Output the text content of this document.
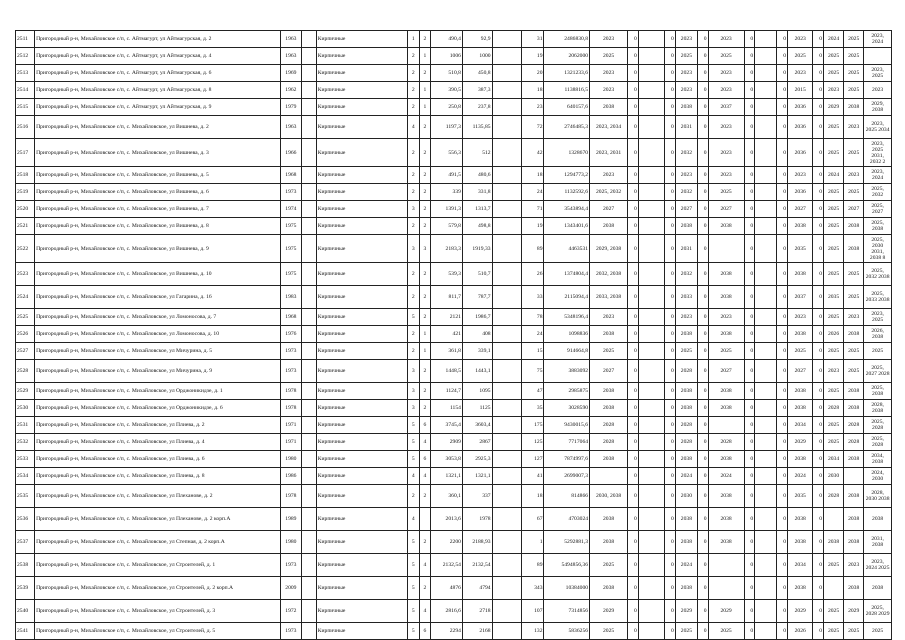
2511	Пригородный р-н, Михайловское с/п, с. Айтмагурт, ул Айтмагурская, д. 2	1963		Кирпичные	1	2	490,4	92,9		31	2486830,8	2023	0		0	2023	0	2023	0		0	2023	0	2024	2025	2023, 2024
2512	Пригородный р-н, Михайловское с/п, с. Айтмагурт, ул Айтмагурская, д. 4	1963		Кирпичные	2	1	1006	1000		19	2062000	2025	0		0	2025	0	2025	0		0	2025	0	2025	2025	
2513	Пригородный р-н, Михайловское с/п, с. Айтмагурт, ул Айтмагурская, д. 6	1969		Кирпичные	2	2	510,8	450,8		20	1321233,6	2023	0		0	2023	0	2023	0		0	2023	0	2025	2025	2023, 2025
2514	Пригородный р-н, Михайловское с/п, с. Айтмагурт, ул Айтмагурская, д. 8	1962		Кирпичные	2	1	390,5	387,3		18	1138816,5	2023	0		0	2023	0	2023	0		0	2015	0	2023	2025	2023
2515	Пригородный р-н, Михайловское с/п, с. Айтмагурт, ул Айтмагурская, д. 9	1979		Кирпичные	2	1	250,8	237,8		23	640157,6	2038	0		0	2038	0	2037	0		0	2036	0	2029	2038	2029, 2038
2516	Пригородный р-н, Михайловское с/п, с. Михайловское, ул Вишнева, д. 2	1963		Кирпичные	4	2	1197,3	1135,85		72	2746485,3	2023, 2034	0		0	2031	0	2023	0		0	2036	0	2025	2023	2023, 2025 2034
2517	Пригородный р-н, Михайловское с/п, с. Михайловское, ул Вишнева, д. 3	1966		Кирпичные	2	2	556,3	512		42	1328670	2023, 2031	0		0	2032	0	2023	0		0	2036	0	2025	2025	2023, 2025 2031, 2032 2
2518	Пригородный р-н, Михайловское с/п, с. Михайловское, ул Вишнева, д. 5	1968		Кирпичные	2	2	491,5	480,6		18	1294773,2	2023	0		0	2023	0	2023	0		0	2023	0	2024	2023	2023, 2024
2519	Пригородный р-н, Михайловское с/п, с. Михайловское, ул Вишнева, д. 6	1973		Кирпичные	2	2	339	331,8		24	1132592,6	2025, 2032	0		0	2032	0	2025	0		0	2036	0	2025	2025	2025, 2032
2520	Пригородный р-н, Михайловское с/п, с. Михайловское, ул Вишнева, д. 7	1974		Кирпичные	3	2	1391,3	1313,7		71	3543894,4	2027	0		0	2027	0	2027	0		0	2027	0	2025	2027	2025, 2027
2521	Пригородный р-н, Михайловское с/п, с. Михайловское, ул Вишнева, д. 8	1975		Кирпичные	2	2	579,8	498,8		19	1343401,6	2038	0		0	2038	0	2038	0		0	2038	0	2025	2038	2025, 2038
2522	Пригородный р-н, Михайловское с/п, с. Михайловское, ул Вишнева, д. 9	1975		Кирпичные	3	3	2183,3	1919,33		89	4463531	2029, 2038	0		0	2031	0		0		0	2035	0	2025	2038	2025, 2030 2031, 2038 8
2523	Пригородный р-н, Михайловское с/п, с. Михайловское, ул Вишнева, д. 10	1975		Кирпичные	2	2	539,3	510,7		26	1374804,4	2032, 2038	0		0	2032	0	2038	0		0	2038	0	2025	2025	2025, 2032 2038
2524	Пригородный р-н, Михайловское с/п, с. Михайловское, ул Гагарина, д. 16	1983		Кирпичные	2	2	811,7	787,7		33	2115094,4	2033, 2038	0		0	2033	0	2038	0		0	2037	0	2035	2025	2025, 2033 2038
2525	Пригородный р-н, Михайловское с/п, с. Михайловское, ул Ломоносова, д. 7	1968		Кирпичные	5	2	2121	1986,7		78	5348196,4	2023	0		0	2023	0	2023	0		0	2023	0	2025	2023	2023, 2025
2526	Пригородный р-н, Михайловское с/п, с. Михайловское, ул Ломоносова, д. 10	1976		Кирпичные	2	1	421	408		24	1098836	2038	0		0	2038	0	2038	0		0	2038	0	2026	2038	2026, 2038
2527	Пригородный р-н, Михайловское с/п, с. Михайловское, ул Мичурина, д. 5	1973		Кирпичные	2	1	361,8	339,1		15	914664,8	2025	0		0	2025	0	2025	0		0	2025	0	2025	2025	2025
2528	Пригородный р-н, Михайловское с/п, с. Михайловское, ул Мичурина, д. 9	1973		Кирпичные	3	2	1448,5	1443,1		75	3883092	2027	0		0	2028	0	2027	0		0	2027	0	2023	2025	2025, 2027 2028
2529	Пригородный р-н, Михайловское с/п, с. Михайловское, ул Орджоникидзе, д. 1	1978		Кирпичные	3	2	1124,7	1095		47	2985875	2038	0		0	2038	0	2038	0		0	2038	0	2025	2038	2025, 2038
2530	Пригородный р-н, Михайловское с/п, с. Михайловское, ул Орджоникидзе, д. 6	1978		Кирпичные	3	2	1154	1125		35	3028590	2038	0		0	2038	0	2038	0		0	2038	0	2028	2038	2028, 2038
2531	Пригородный р-н, Михайловское с/п, с. Михайловское, ул Плиева, д. 2	1971		Кирпичные	5	6	3745,4	3603,4		175	9430015,6	2028	0		0	2028	0		0		0	2034	0	2025	2028	2025, 2028
2532	Пригородный р-н, Михайловское с/п, с. Михайловское, ул Плиева, д. 4	1971		Кирпичные	5	4	2909	2867		125	7717064	2028	0		0	2028	0	2028	0		0	2029	0	2025	2028	2025, 2028
2533	Пригородный р-н, Михайловское с/п, с. Михайловское, ул Плиева, д. 6	1980		Кирпичные	5	6	3053,8	2925,3		127	7874997,6	2038	0		0	2038	0	2038	0		0	2038	0	2034	2038	2034, 2038
2534	Пригородный р-н, Михайловское с/п, с. Михайловское, ул Плиева, д. 8	1986		Кирпичные	4	4	1321,1	1321,1		41	2699007,3		0		0	2024	0	2024	0		0	2024	0	2030		2024, 2030
2535	Пригородный р-н, Михайловское с/п, с. Михайловское, ул Плеханове, д. 2	1978		Кирпичные	2	2	360,1	337		18	814866	2030, 2038	0		0	2030	0	2038	0		0	2035	0	2028	2038	2028, 2030 2038
2536	Пригородный р-н, Михайловское с/п, с. Михайловское, ул Плеханове, д. 2 корп.А	1989		Кирпичные	4		2013,6	1978		67	4703024	2038	0		0	2038	0	2038	0		0	2038	0		2038	2038
2537	Пригородный р-н, Михайловское с/п, с. Михайловское, ул Степная, д. 2 корп.А	1980		Кирпичные	5	2	2200	2188,93		1	5292881,3	2038	0		0	2038	0	2038	0		0	2038	0	2038	2038	2031, 2038
2538	Пригородный р-н, Михайловское с/п, с. Михайловское, ул Строителей, д. 1	1973		Кирпичные	5	4	2132,54	2132,54		89	5494856,36	2025	0		0	2024	0		0		0	2034	0	2025	2023	2023, 2024 2025
2539	Пригородный р-н, Михайловское с/п, с. Михайловское, ул Строителей, д. 2 корп.А	2009		Кирпичные	5	2	4876	4794		343	10384000	2038	0		0	2038	0		0		0	2038	0		2038	2038
2540	Пригородный р-н, Михайловское с/п, с. Михайловское, ул Строителей, д. 3	1972		Кирпичные	5	4	2816,6	2718		107	7314856	2029	0		0	2029	0	2029	0		0	2029	0	2025	2029	2025, 2028 2029
2541	Пригородный р-н, Михайловское с/п, с. Михайловское, ул Строителей, д. 5	1973		Кирпичные	5	6	2294	2168		132	5836256	2025	0		0	2025	0	2025	0		0	2026	0	2025	2025	2025
